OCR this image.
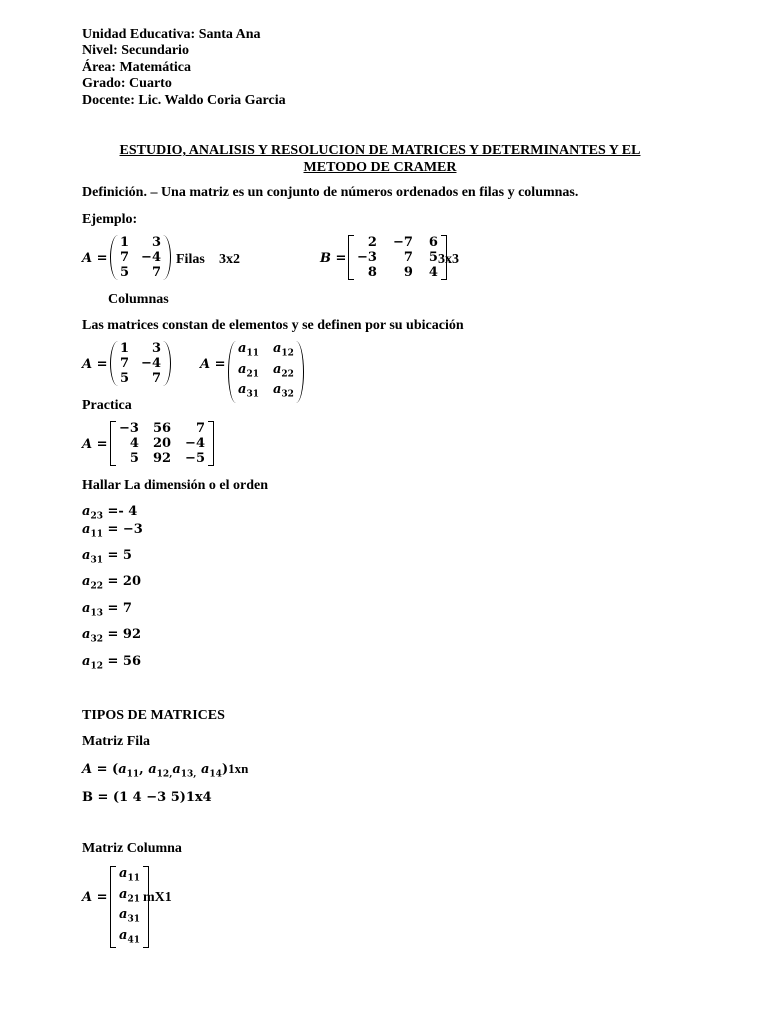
Unidad Educativa: Santa Ana
Nivel: Secundario
Área: Matemática
Grado: Cuarto
Docente: Lic. Waldo Coria Garcia
ESTUDIO, ANALISIS Y RESOLUCION DE MATRICES Y DETERMINANTES Y EL
METODO DE CRAMER
Definición. – Una matriz es un conjunto de números ordenados en filas y columnas.
Ejemplo:
A =
1	3
7 −4
5	7
Filas 3x2	B =
2 −7 6
−3	7 5
8	9 4
3x3
Columnas
Las matrices constan de elementos y se definen por su ubicación
A =
1	3
7 −4
5	7
A =
$a_{11}$ $a_{12}$
$a_{21}$ $a_{22}$
$a_{31}$ $a_{32}$
Practica
A =
−3 56	7
4 20 −4
5 92 −5
Hallar La dimensión o el orden
$a_{23} =- 4$
$a_{11} = -3$
$a_{31} = 5$
$a_{22} = 20$
$a_{13} = 7$
$a_{32} = 92$
$a_{12} = 56$
TIPOS DE MATRICES
Matriz Fila
$A = (a_{11}$, $a_{12,}a_{13,}$ $a_{14})1xn$
B = (1 4 −3 5)1x4
Matriz Columna
A =
$a_{11}$
$a_{21}$
$a_{31}$
$a_{41}$
mX1
